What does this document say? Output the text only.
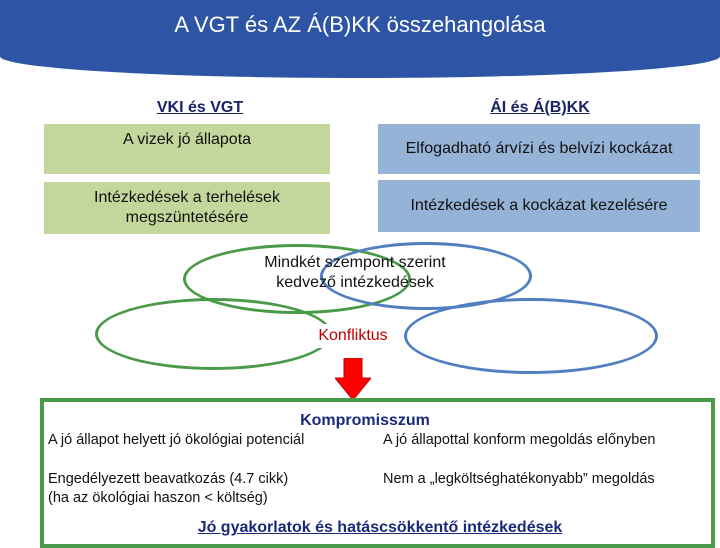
A VGT és AZ Á(B)KK összehangolása
VKI és VGT	ÁI és Á(B)KK
A vizek jó állapota
Elfogadható árvízi és belvízi kockázat
Intézkedések a terhelések megszüntetésére
Intézkedések a kockázat kezelésére
Mindkét szempont szerint kedvező intézkedések
Konfliktus
Kompromisszum
A jó állapot helyett jó ökológiai potenciál	A jó állapottal konform megoldás előnyben
Engedélyezett beavatkozás (4.7 cikk)
(ha az ökológiai haszon < költség)
Nem a „legköltséghatékonyabb” megoldás
Jó gyakorlatok és hatáscsökkentő intézkedések
